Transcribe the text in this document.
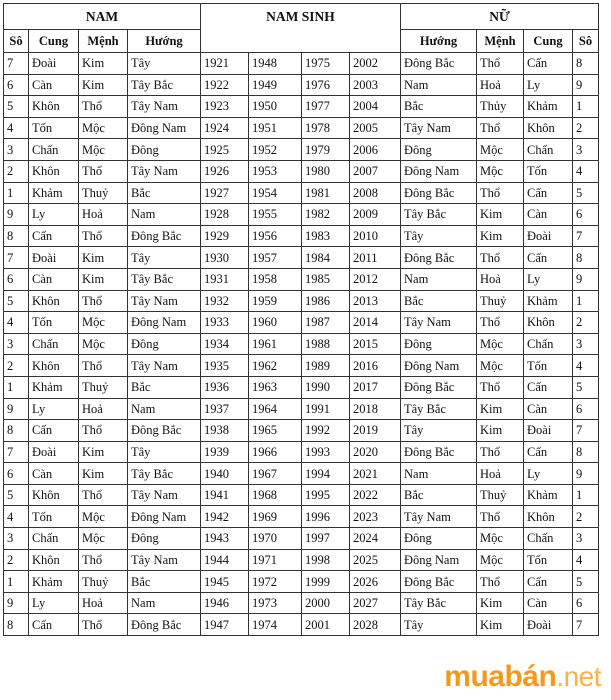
NAM				NAM SINH				NỮ			
Sô	Cung	Mệnh	Hướng					Hướng	Mệnh	Cung	Sô
7	Đoài	Kim	Tây	1921	1948	1975	2002	Đông Bắc	Thổ	Cấn	8
6	Càn	Kim	Tây Bắc	1922	1949	1976	2003	Nam	Hoả	Ly	9
5	Khôn	Thổ	Tây Nam	1923	1950	1977	2004	Bắc	Thủy	Khảm	1
4	Tốn	Mộc	Đông Nam	1924	1951	1978	2005	Tây Nam	Thổ	Khôn	2
3	Chấn	Mộc	Đông	1925	1952	1979	2006	Đông	Mộc	Chấn	3
2	Khôn	Thổ	Tây Nam	1926	1953	1980	2007	Đông Nam	Mộc	Tốn	4
1	Khảm	Thuỷ	Bắc	1927	1954	1981	2008	Đông Bắc	Thổ	Cấn	5
9	Ly	Hoả	Nam	1928	1955	1982	2009	Tây Bắc	Kim	Càn	6
8	Cấn	Thổ	Đông Bắc	1929	1956	1983	2010	Tây	Kim	Đoài	7
7	Đoài	Kim	Tây	1930	1957	1984	2011	Đông Bắc	Thổ	Cấn	8
6	Càn	Kim	Tây Bắc	1931	1958	1985	2012	Nam	Hoả	Ly	9
5	Khôn	Thổ	Tây Nam	1932	1959	1986	2013	Bắc	Thuỷ	Khảm	1
4	Tốn	Mộc	Đông Nam	1933	1960	1987	2014	Tây Nam	Thổ	Khôn	2
3	Chấn	Mộc	Đông	1934	1961	1988	2015	Đông	Mộc	Chấn	3
2	Khôn	Thổ	Tây Nam	1935	1962	1989	2016	Đông Nam	Mộc	Tốn	4
1	Khảm	Thuỷ	Bắc	1936	1963	1990	2017	Đông Bắc	Thổ	Cấn	5
9	Ly	Hoả	Nam	1937	1964	1991	2018	Tây Bắc	Kim	Càn	6
8	Cấn	Thổ	Đông Bắc	1938	1965	1992	2019	Tây	Kim	Đoài	7
7	Đoài	Kim	Tây	1939	1966	1993	2020	Đông Bắc	Thổ	Cấn	8
6	Càn	Kim	Tây Bắc	1940	1967	1994	2021	Nam	Hoả	Ly	9
5	Khôn	Thổ	Tây Nam	1941	1968	1995	2022	Bắc	Thuỷ	Khảm	1
4	Tốn	Mộc	Đông Nam	1942	1969	1996	2023	Tây Nam	Thổ	Khôn	2
3	Chấn	Mộc	Đông	1943	1970	1997	2024	Đông	Mộc	Chấn	3
2	Khôn	Thổ	Tây Nam	1944	1971	1998	2025	Đông Nam	Mộc	Tốn	4
1	Khảm	Thuỷ	Bắc	1945	1972	1999	2026	Đông Bắc	Thổ	Cấn	5
9	Ly	Hoả	Nam	1946	1973	2000	2027	Tây Bắc	Kim	Càn	6
8	Cấn	Thổ	Đông Bắc	1947	1974	2001	2028	Tây	Kim	Đoài	7
muabán.net
